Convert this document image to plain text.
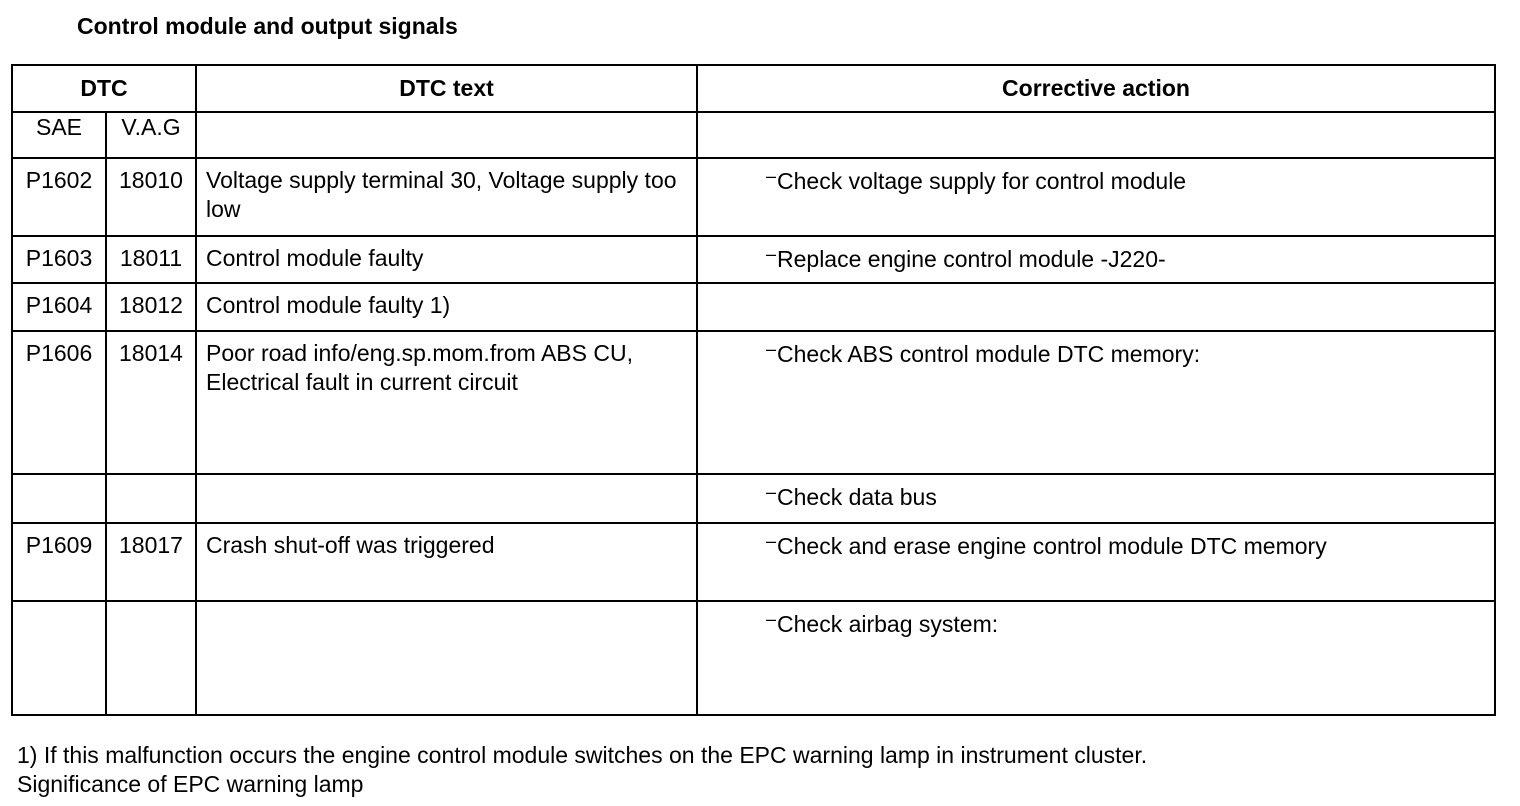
Control module and output signals
DTC		DTC text	Corrective action
SAE	V.A.G		
P1602	18010	Voltage supply terminal 30, Voltage supply too low	–Check voltage supply for control module
P1603	18011	Control module faulty	–Replace engine control module -J220-
P1604	18012	Control module faulty 1)	
P1606	18014	Poor road info/eng.sp.mom.from ABS CU, Electrical fault in current circuit	–Check ABS control module DTC memory:
			–Check data bus
P1609	18017	Crash shut-off was triggered	–Check and erase engine control module DTC memory
			–Check airbag system:
1) If this malfunction occurs the engine control module switches on the EPC warning lamp in instrument cluster.
Significance of EPC warning lamp
